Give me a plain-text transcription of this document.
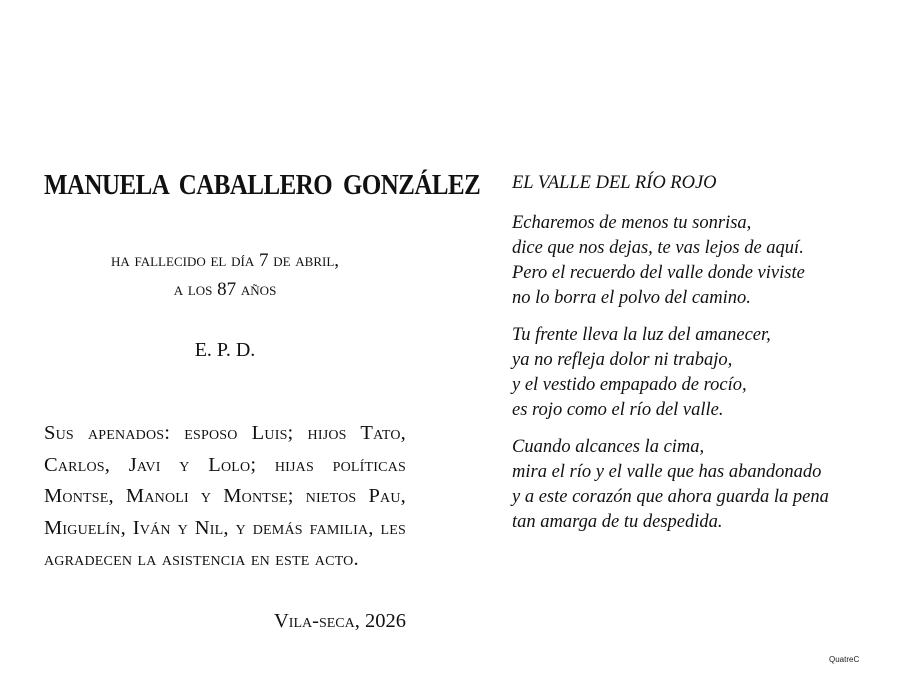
MANUELA CABALLERO GONZÁLEZ
ha fallecido el día 7 de abril,
a los 87 años
E. P. D.
Sus apenados: esposo Luis; hijos Tato, Carlos, Javi y Lolo; hijas políticas Montse, Manoli y Montse; nietos Pau, Miguelín, Iván y Nil, y demás familia, les agradecen la asistencia en este acto.
Vila-seca, 2026
EL VALLE DEL RÍO ROJO
Echaremos de menos tu sonrisa,
dice que nos dejas, te vas lejos de aquí.
Pero el recuerdo del valle donde viviste
no lo borra el polvo del camino.
Tu frente lleva la luz del amanecer,
ya no refleja dolor ni trabajo,
y el vestido empapado de rocío,
es rojo como el río del valle.
Cuando alcances la cima,
mira el río y el valle que has abandonado
y a este corazón que ahora guarda la pena
tan amarga de tu despedida.
QuatreC
